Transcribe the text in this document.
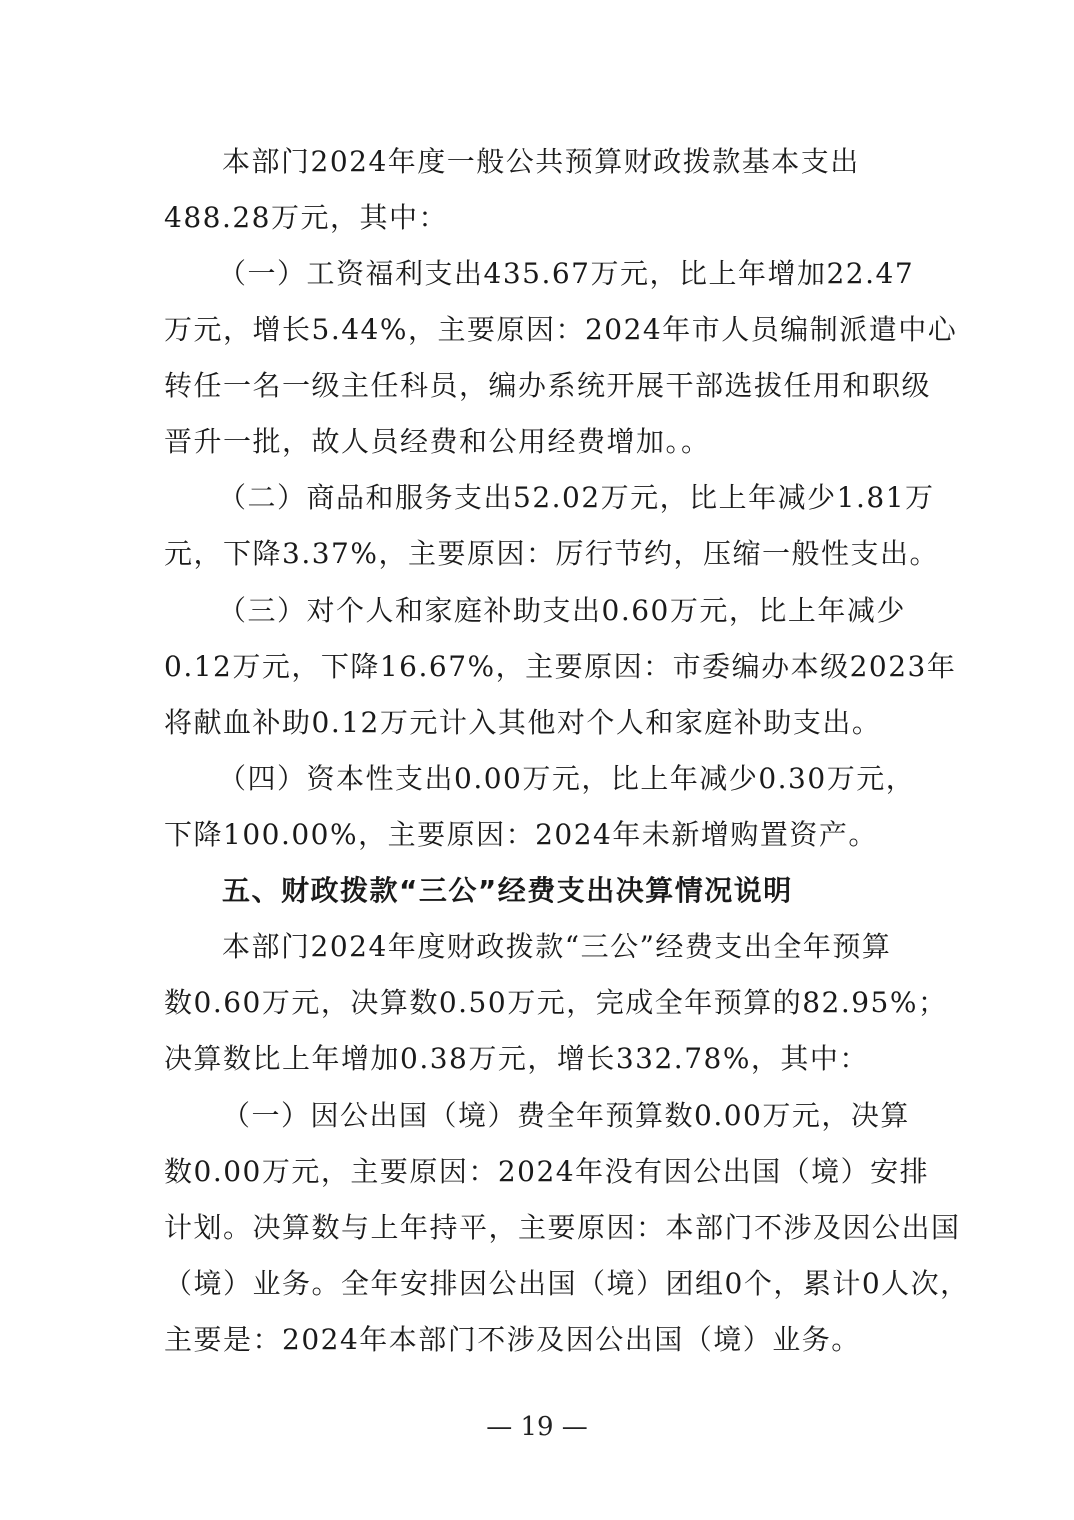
本部门2024年度一般公共预算财政拨款基本支出
488.28万元，其中：
（一）工资福利支出435.67万元，比上年增加22.47
万元，增长5.44%，主要原因：2024年市人员编制派遣中心
转任一名一级主任科员，编办系统开展干部选拔任用和职级
晋升一批，故人员经费和公用经费增加。。
（二）商品和服务支出52.02万元，比上年减少1.81万
元，下降3.37%，主要原因：厉行节约，压缩一般性支出。
（三）对个人和家庭补助支出0.60万元，比上年减少
0.12万元，下降16.67%，主要原因：市委编办本级2023年
将献血补助0.12万元计入其他对个人和家庭补助支出。
（四）资本性支出0.00万元，比上年减少0.30万元，
下降100.00%，主要原因：2024年未新增购置资产。
五、财政拨款“三公”经费支出决算情况说明
本部门2024年度财政拨款“三公”经费支出全年预算
数0.60万元，决算数0.50万元，完成全年预算的82.95%；
决算数比上年增加0.38万元，增长332.78%，其中：
（一）因公出国（境）费全年预算数0.00万元，决算
数0.00万元，主要原因：2024年没有因公出国（境）安排
计划。决算数与上年持平，主要原因：本部门不涉及因公出国
（境）业务。全年安排因公出国（境）团组0个，累计0人次，
主要是：2024年本部门不涉及因公出国（境）业务。
— 19 —
